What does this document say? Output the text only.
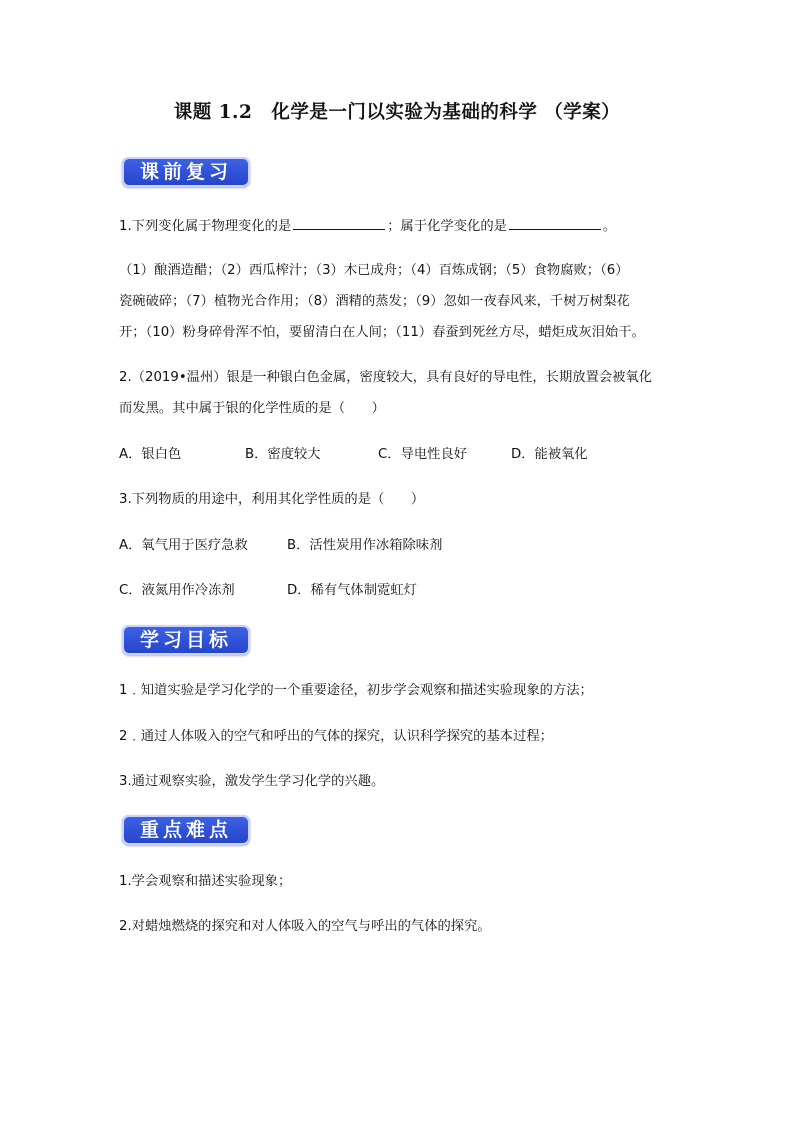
课题 1.2　化学是一门以实验为基础的科学 （学案）
课前复习
1.下列变化属于物理变化的是	；属于化学变化的是	。
（1）酿酒造醋；（2）西瓜榨汁；（3）木已成舟；（4）百炼成钢；（5）食物腐败；（6）
瓷碗破碎；（7）植物光合作用；（8）酒精的蒸发；（9）忽如一夜春风来，千树万树梨花
开；（10）粉身碎骨浑不怕，要留清白在人间；（11）春蚕到死丝方尽，蜡炬成灰泪始干。
2.（2019•温州）银是一种银白色金属，密度较大，具有良好的导电性，长期放置会被氧化
而发黑。其中属于银的化学性质的是（　　）
A．银白色	B．密度较大	C．导电性良好	D．能被氧化
3.下列物质的用途中，利用其化学性质的是（　　）
A．氧气用于医疗急救	B．活性炭用作冰箱除味剂
C．液氮用作冷冻剂	D．稀有气体制霓虹灯
学习目标
1﹒知道实验是学习化学的一个重要途径，初步学会观察和描述实验现象的方法；
2﹒通过人体吸入的空气和呼出的气体的探究，认识科学探究的基本过程；
3.通过观察实验，激发学生学习化学的兴趣。
重点难点
1.学会观察和描述实验现象；
2.对蜡烛燃烧的探究和对人体吸入的空气与呼出的气体的探究。
